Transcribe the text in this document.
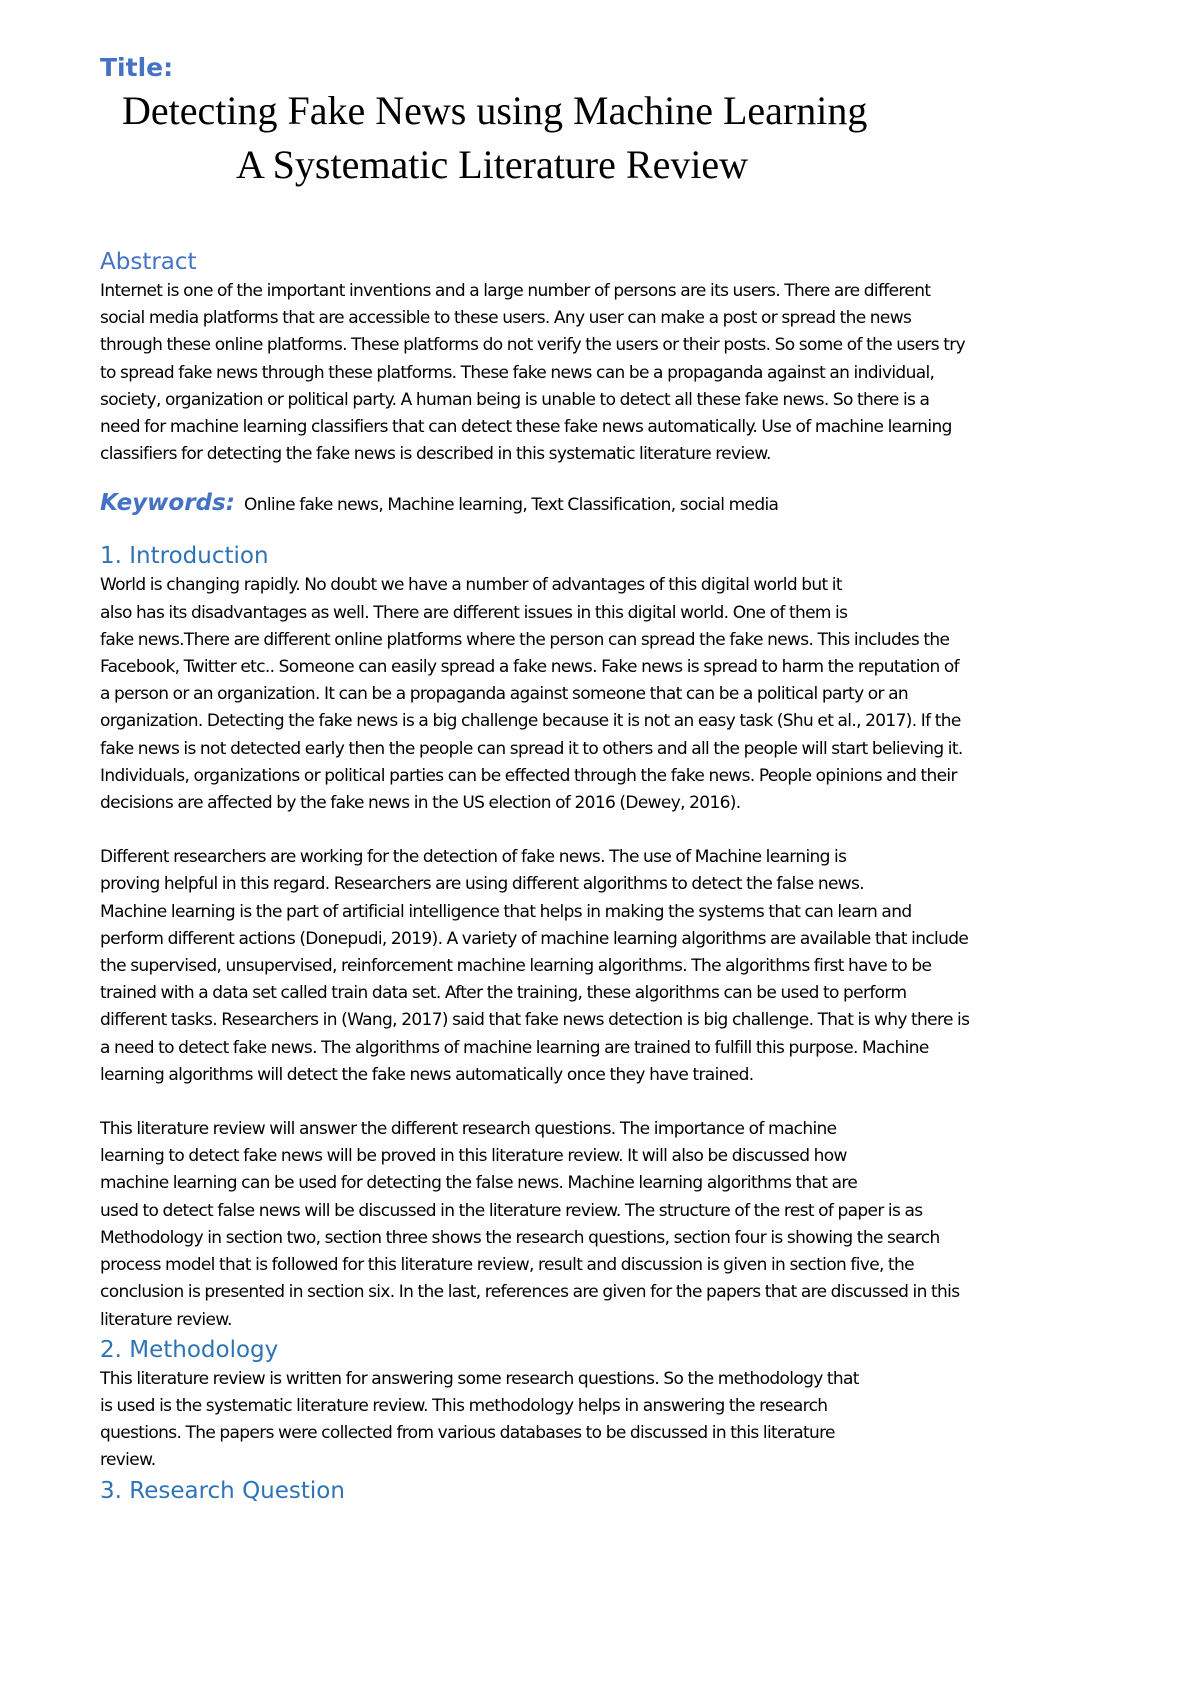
Title:
Detecting Fake News using Machine Learning
A Systematic Literature Review
Abstract

Internet is one of the important inventions and a large number of persons are its users. There are different
social media platforms that are accessible to these users. Any user can make a post or spread the news
through these online platforms. These platforms do not verify the users or their posts. So some of the users try
to spread fake news through these platforms. These fake news can be a propaganda against an individual,
society, organization or political party. A human being is unable to detect all these fake news. So there is a
need for machine learning classifiers that can detect these fake news automatically. Use of machine learning
classifiers for detecting the fake news is described in this systematic literature review.

Keywords: Online fake news, Machine learning, Text Classification, social media
1. Introduction

World is changing rapidly. No doubt we have a number of advantages of this digital world but it
also has its disadvantages as well. There are different issues in this digital world. One of them is
fake news.There are different online platforms where the person can spread the fake news. This includes the
Facebook, Twitter etc.. Someone can easily spread a fake news. Fake news is spread to harm the reputation of
a person or an organization. It can be a propaganda against someone that can be a political party or an
organization. Detecting the fake news is a big challenge because it is not an easy task (Shu et al., 2017). If the
fake news is not detected early then the people can spread it to others and all the people will start believing it.
Individuals, organizations or political parties can be effected through the fake news. People opinions and their
decisions are affected by the fake news in the US election of 2016 (Dewey, 2016).

Different researchers are working for the detection of fake news. The use of Machine learning is
proving helpful in this regard. Researchers are using different algorithms to detect the false news.
Machine learning is the part of artificial intelligence that helps in making the systems that can learn and
perform different actions (Donepudi, 2019). A variety of machine learning algorithms are available that include
the supervised, unsupervised, reinforcement machine learning algorithms. The algorithms first have to be
trained with a data set called train data set. After the training, these algorithms can be used to perform
different tasks. Researchers in (Wang, 2017) said that fake news detection is big challenge. That is why there is
a need to detect fake news. The algorithms of machine learning are trained to fulfill this purpose. Machine
learning algorithms will detect the fake news automatically once they have trained.

This literature review will answer the different research questions. The importance of machine
learning to detect fake news will be proved in this literature review. It will also be discussed how
machine learning can be used for detecting the false news. Machine learning algorithms that are
used to detect false news will be discussed in the literature review. The structure of the rest of paper is as
Methodology in section two, section three shows the research questions, section four is showing the search
process model that is followed for this literature review, result and discussion is given in section five, the
conclusion is presented in section six. In the last, references are given for the papers that are discussed in this
literature review.

2. Methodology

This literature review is written for answering some research questions. So the methodology that
is used is the systematic literature review. This methodology helps in answering the research
questions. The papers were collected from various databases to be discussed in this literature
review.

3. Research Question
